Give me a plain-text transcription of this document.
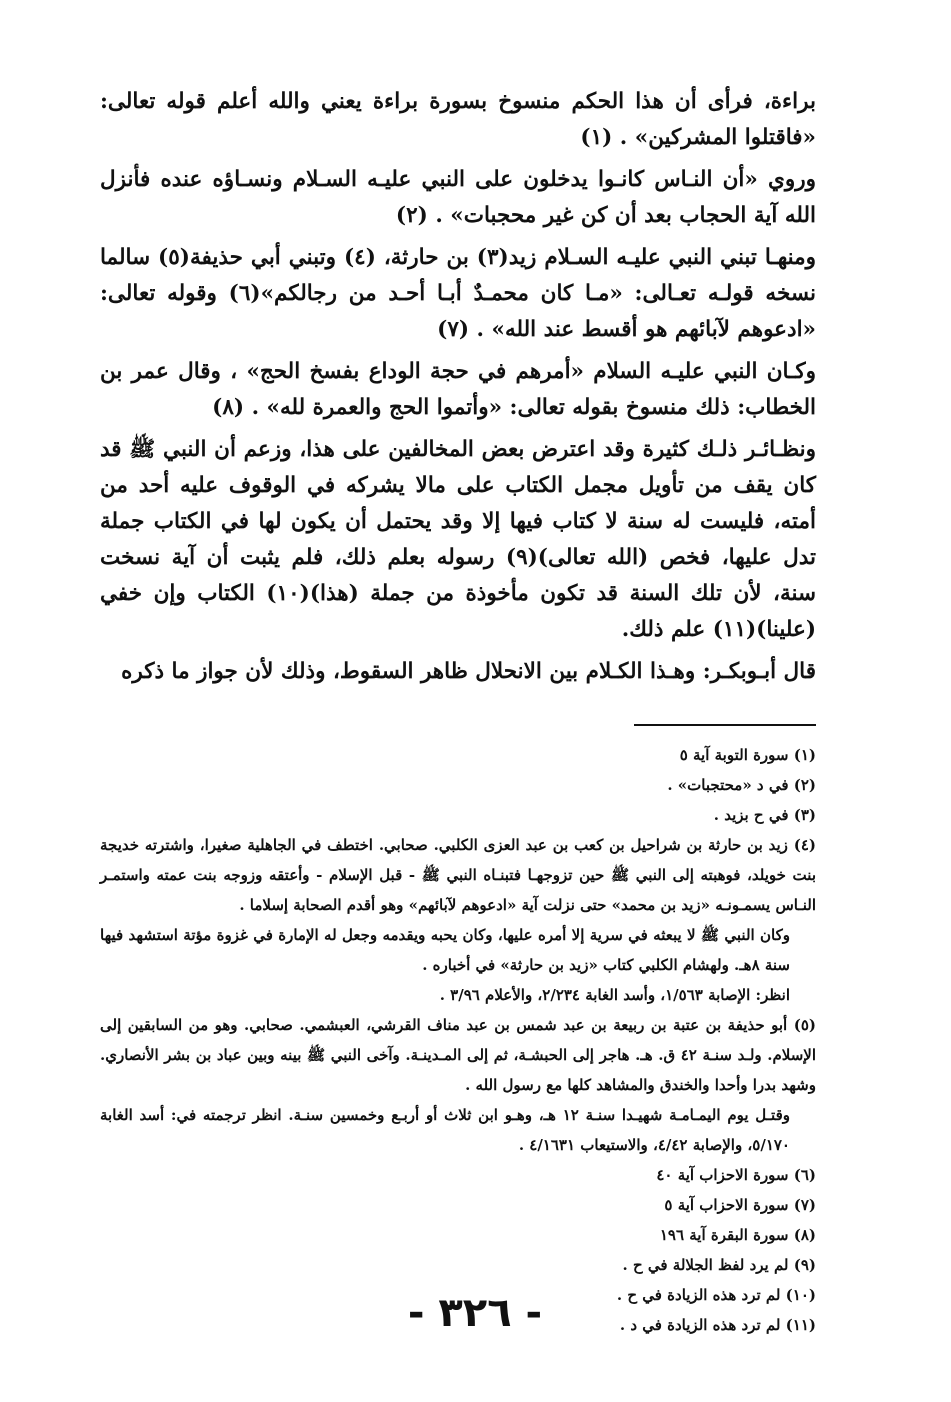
براءة، فرأى أن هذا الحكم منسوخ بسورة براءة يعني والله أعلم قوله تعالى: «فاقتلوا المشركين» . (١)

وروي «أن النـاس كانـوا يدخلون على النبي عليـه السـلام ونسـاؤه عنده فأنزل الله آية الحجاب بعد أن كن غير محجبات» . (٢)

ومنهـا تبني النبي عليـه السـلام زيد(٣) بن حارثة، (٤) وتبني أبي حذيفة(٥) سالما نسخه قولـه تعـالى: «مـا كان محمـدٌ أبـا أحـد من رجالكم»(٦) وقوله تعالى: «ادعوهم لآبائهم هو أقسط عند الله» . (٧)

وكـان النبي عليـه السلام «أمرهم في حجة الوداع بفسخ الحج» ، وقال عمر بن الخطاب: ذلك منسوخ بقوله تعالى: «وأتموا الحج والعمرة لله» . (٨)

ونظـائـر ذلـك كثيرة وقد اعترض بعض المخالفين على هذا، وزعم أن النبي ﷺ قد كان يقف من تأويل مجمل الكتاب على مالا يشركه في الوقوف عليه أحد من أمته، فليست له سنة لا كتاب فيها إلا وقد يحتمل أن يكون لها في الكتاب جملة تدل عليها، فخص (الله تعالى)(٩) رسوله بعلم ذلك، فلم يثبت أن آية نسخت سنة، لأن تلك السنة قد تكون مأخوذة من جملة (هذا)(١٠) الكتاب وإن خفي (علينا)(١١) علم ذلك.

قال أبـوبكـر: وهـذا الكـلام بين الانحلال ظاهر السقوط، وذلك لأن جواز ما ذكره

(١) سورة التوبة آية ٥

(٢) في د «محتجبات» .

(٣) في ح بزيد .

(٤) زيد بن حارثة بن شراحيل بن كعب بن عبد العزى الكلبي. صحابي. اختطف في الجاهلية صغيرا، واشترته خديجة بنت خويلد، فوهبته إلى النبي ﷺ حين تزوجهـا فتبنـاه النبي ﷺ - قبل الإسلام - وأعتقه وزوجه بنت عمته واستمـر النـاس يسمـونـه «زيد بن محمد» حتى نزلت آية «ادعوهم لآبائهم» وهو أقدم الصحابة إسلاما .

وكان النبي ﷺ لا يبعثه في سرية إلا أمره عليها، وكان يحبه ويقدمه وجعل له الإمارة في غزوة مؤتة استشهد فيها سنة ٨هـ. ولهشام الكلبي كتاب «زيد بن حارثة» في أخباره .

انظر: الإصابة ١/٥٦٣، وأسد الغابة ٢/٢٣٤، والأعلام ٣/٩٦ .

(٥) أبو حذيفة بن عتبة بن ربيعة بن عبد شمس بن عبد مناف القرشي، العبشمي. صحابي. وهو من السابقين إلى الإسلام. ولـد سنـة ٤٢ ق. هـ. هاجر إلى الحبشـة، ثم إلى المـدينـة. وآخى النبي ﷺ بينه وبين عباد بن بشر الأنصاري. وشهد بدرا وأحدا والخندق والمشاهد كلها مع رسول الله .

وقتـل يوم اليمـامـة شهيـدا سنـة ١٢ هـ، وهـو ابن ثلاث أو أربـع وخمسين سنـة. انظر ترجمته في: أسد الغابة ٥/١٧٠، والإصابة ٤/٤٢، والاستيعاب ٤/١٦٣١ .

(٦) سورة الاحزاب آية ٤٠

(٧) سورة الاحزاب آية ٥

(٨) سورة البقرة آية ١٩٦

(٩) لم يرد لفظ الجلالة في ح .

(١٠) لم ترد هذه الزيادة في ح .

(١١) لم ترد هذه الزيادة في د .

- ٣٢٦ -
